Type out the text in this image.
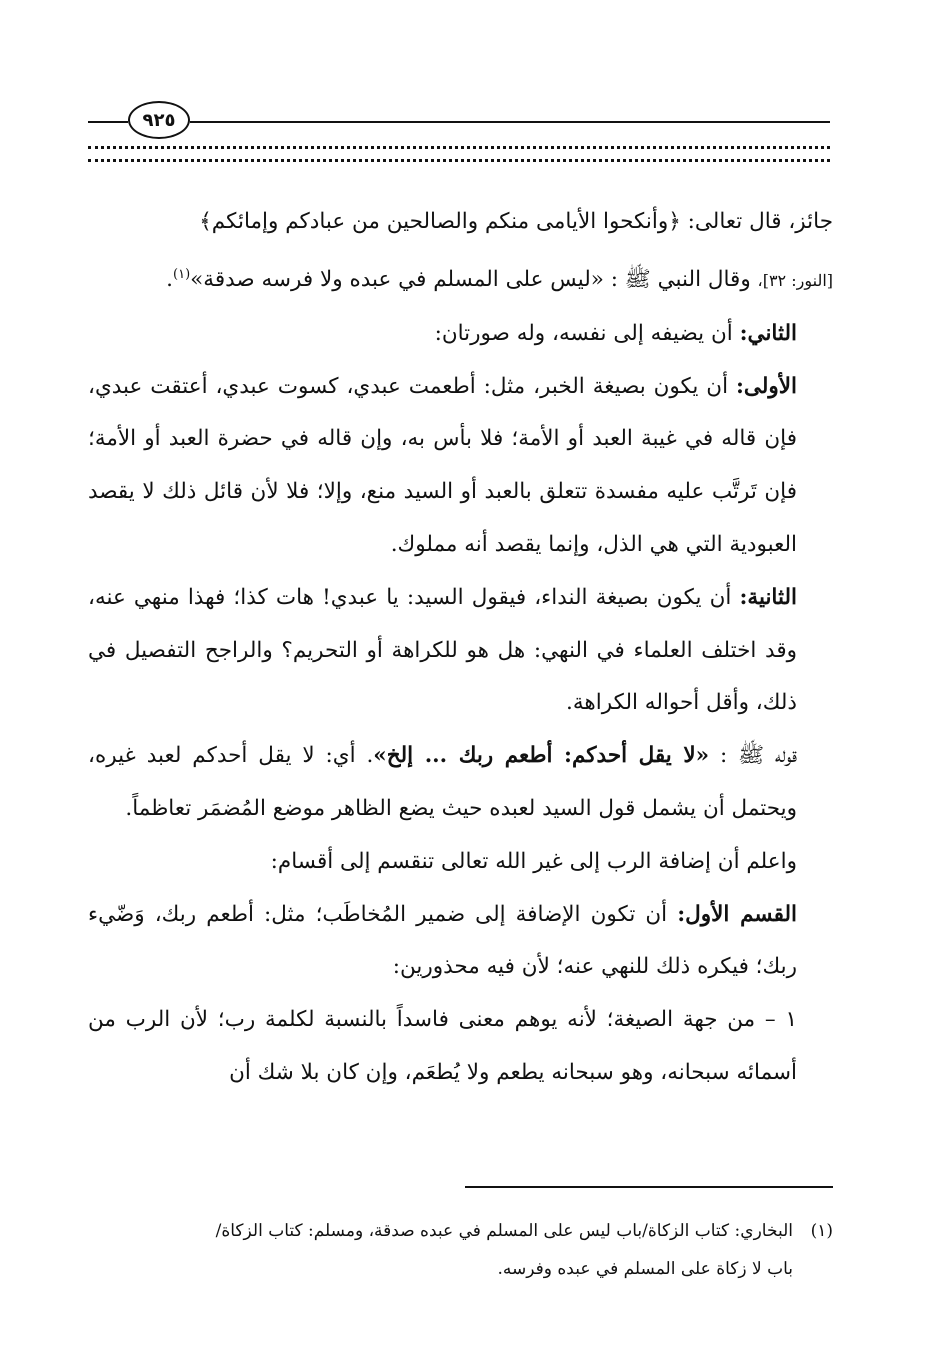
٩٢٥

جائز، قال تعالى: ﴿وأنكحوا الأيامى منكم والصالحين من عبادكم وإمائكم﴾
[النور: ٣٢]، وقال النبي ﷺ : «ليس على المسلم في عبده ولا فرسه صدقة»$^{(١)}$.

الثاني: أن يضيفه إلى نفسه، وله صورتان:

الأولى: أن يكون بصيغة الخبر، مثل: أطعمت عبدي، كسوت عبدي، أعتقت عبدي، فإن قاله في غيبة العبد أو الأمة؛ فلا بأس به، وإن قاله في حضرة العبد أو الأمة؛ فإن تَرتَّب عليه مفسدة تتعلق بالعبد أو السيد منع، وإلا؛ فلا لأن قائل ذلك لا يقصد العبودية التي هي الذل، وإنما يقصد أنه مملوك.

الثانية: أن يكون بصيغة النداء، فيقول السيد: يا عبدي! هات كذا؛ فهذا منهي عنه، وقد اختلف العلماء في النهي: هل هو للكراهة أو التحريم؟ والراجح التفصيل في ذلك، وأقل أحواله الكراهة.

قوله ﷺ : «لا يقل أحدكم: أطعم ربك ... إلخ». أي: لا يقل أحدكم لعبد غيره، ويحتمل أن يشمل قول السيد لعبده حيث يضع الظاهر موضع المُضمَر تعاظماً.

واعلم أن إضافة الرب إلى غير الله تعالى تنقسم إلى أقسام:

القسم الأول: أن تكون الإضافة إلى ضمير المُخاطَب؛ مثل: أطعم ربك، وَضّيء ربك؛ فيكره ذلك للنهي عنه؛ لأن فيه محذورين:

١ – من جهة الصيغة؛ لأنه يوهم معنى فاسداً بالنسبة لكلمة رب؛ لأن الرب من أسمائه سبحانه، وهو سبحانه يطعم ولا يُطعَم، وإن كان بلا شك أن

(١)البخاري: كتاب الزكاة/باب ليس على المسلم في عبده صدقة، ومسلم: كتاب الزكاة/

باب لا زكاة على المسلم في عبده وفرسه.
